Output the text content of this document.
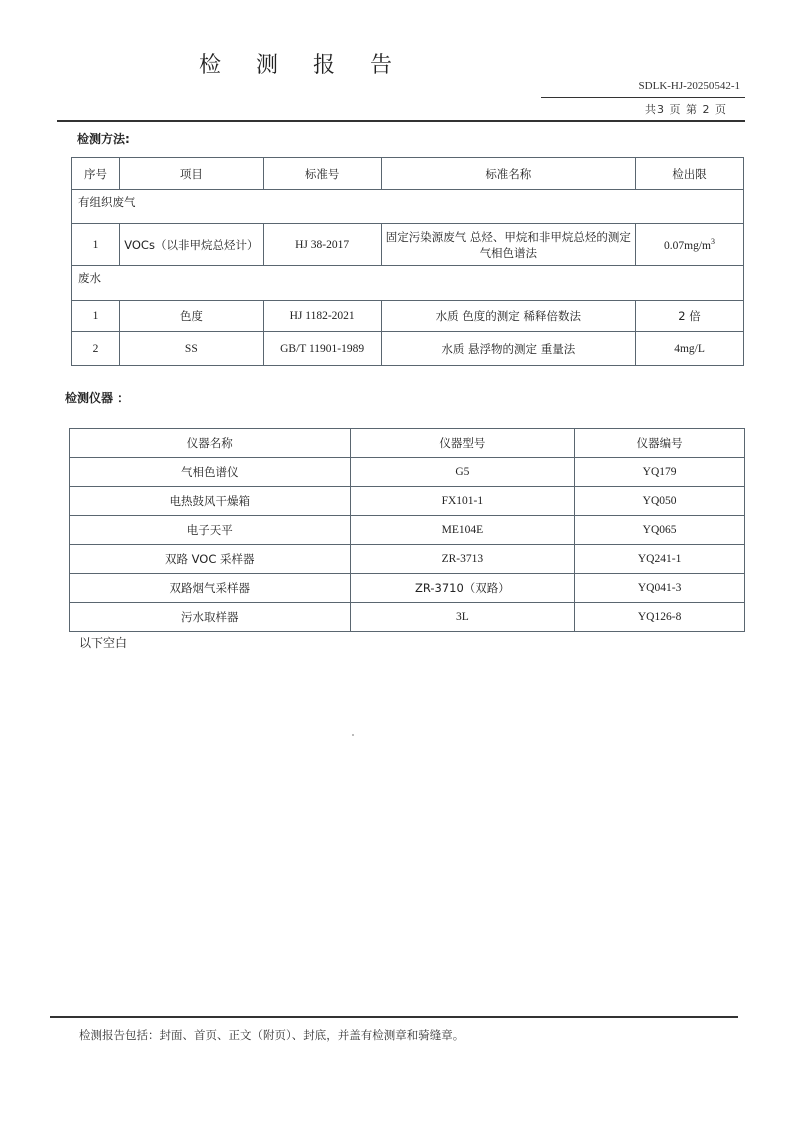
检 测 报 告
SDLK-HJ-20250542-1
共3 页 第 2 页
检测方法:
序号	项目	标准号	标准名称	检出限
有组织废气				
1	VOCs（以非甲烷总烃计）	HJ 38-2017	固定污染源废气 总烃、甲烷和非甲烷总烃的测定 气相色谱法	$0.07mg/m^3$
废水				
1	色度	HJ 1182-2021	水质 色度的测定 稀释倍数法	2 倍
2	SS	GB/T 11901-1989	水质 悬浮物的测定 重量法	4mg/L
检测仪器 ：
仪器名称	仪器型号	仪器编号
气相色谱仪	G5	YQ179
电热鼓风干燥箱	FX101-1	YQ050
电子天平	ME104E	YQ065
双路 VOC 采样器	ZR-3713	YQ241-1
双路烟气采样器	ZR-3710（双路）	YQ041-3
污水取样器	3L	YQ126-8
以下空白
检测报告包括：封面、首页、正文（附页）、封底，并盖有检测章和骑缝章。
